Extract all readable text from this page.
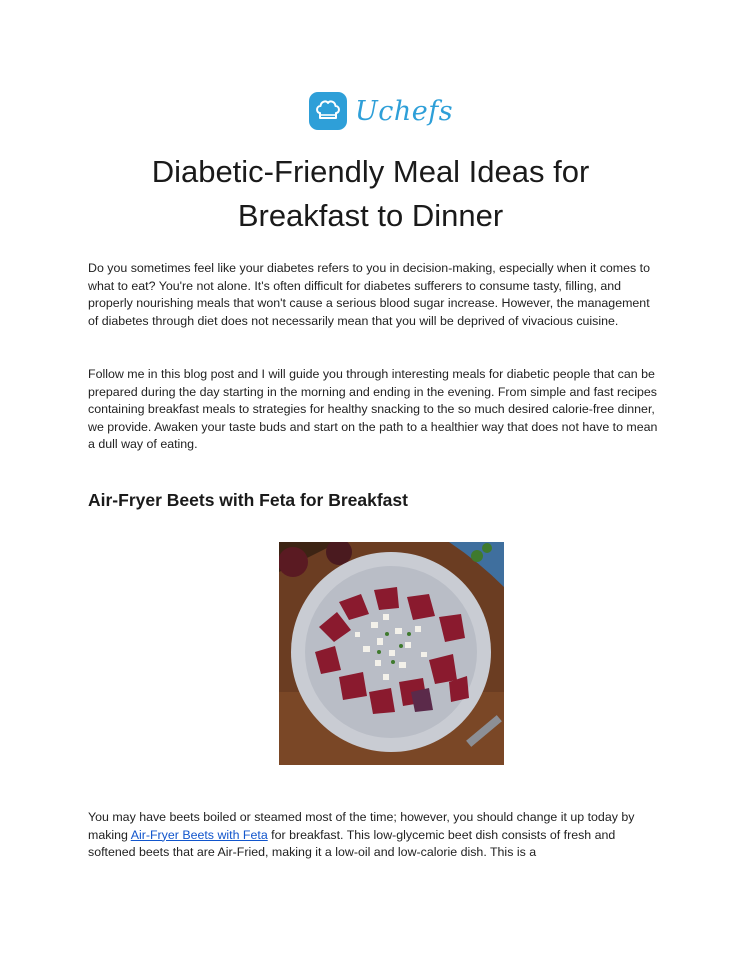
Uchefs
Diabetic-Friendly Meal Ideas for
Breakfast to Dinner

Do you sometimes feel like your diabetes refers to you in decision-making, especially when it comes to what to eat? You're not alone. It's often difficult for diabetes sufferers to consume tasty, filling, and properly nourishing meals that won't cause a serious blood sugar increase. However, the management of diabetes through diet does not necessarily mean that you will be deprived of vivacious cuisine.

Follow me in this blog post and I will guide you through interesting meals for diabetic people that can be prepared during the day starting in the morning and ending in the evening. From simple and fast recipes containing breakfast meals to strategies for healthy snacking to the so much desired calorie-free dinner, we provide. Awaken your taste buds and start on the path to a healthier way that does not have to mean a dull way of eating.

Air-Fryer Beets with Feta for Breakfast

You may have beets boiled or steamed most of the time; however, you should change it up today by making Air-Fryer Beets with Feta for breakfast. This low-glycemic beet dish consists of fresh and softened beets that are Air-Fried, making it a low-oil and low-calorie dish. This is a
